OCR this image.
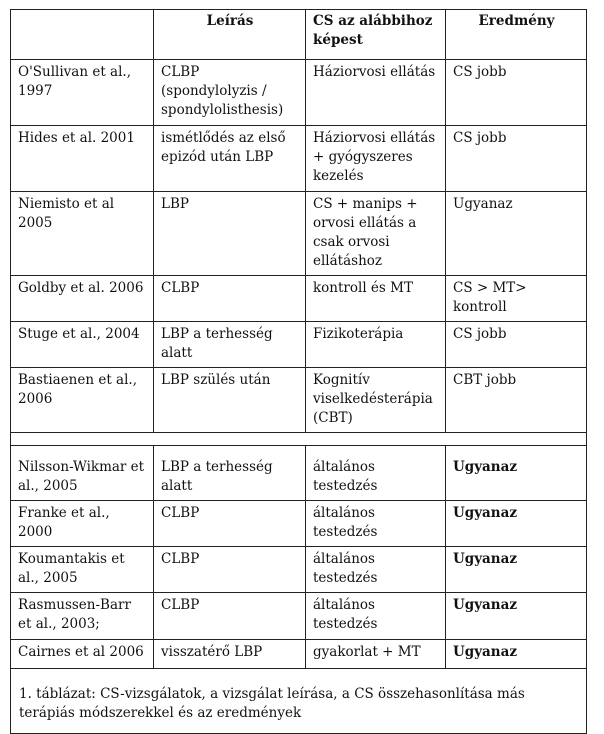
	Leírás	CS az alábbihoz képest	Eredmény
O'Sullivan et al., 1997	CLBP (spondylolyzis / spondylolisthesis)	Háziorvosi ellátás	CS jobb
Hides et al. 2001	ismétlődés az első epizód után LBP	Háziorvosi ellátás + gyógyszeres kezelés	CS jobb
Niemisto et al 2005	LBP	CS + manips + orvosi ellátás a csak orvosi ellátáshoz	Ugyanaz
Goldby et al. 2006	CLBP	kontroll és MT	CS > MT> kontroll
Stuge et al., 2004	LBP a terhesség alatt	Fizikoterápia	CS jobb
Bastiaenen et al., 2006	LBP szülés után	Kognitív viselkedésterápia (CBT)	CBT jobb

Nilsson-Wikmar et al., 2005	LBP a terhesség alatt	általános testedzés	Ugyanaz
Franke et al., 2000	CLBP	általános testedzés	Ugyanaz
Koumantakis et al., 2005	CLBP	általános testedzés	Ugyanaz
Rasmussen-Barr et al., 2003;	CLBP	általános testedzés	Ugyanaz
Cairnes et al 2006	visszatérő LBP	gyakorlat + MT	Ugyanaz
1. táblázat: CS-vizsgálatok, a vizsgálat leírása, a CS összehasonlítása más terápiás módszerekkel és az eredmények			
